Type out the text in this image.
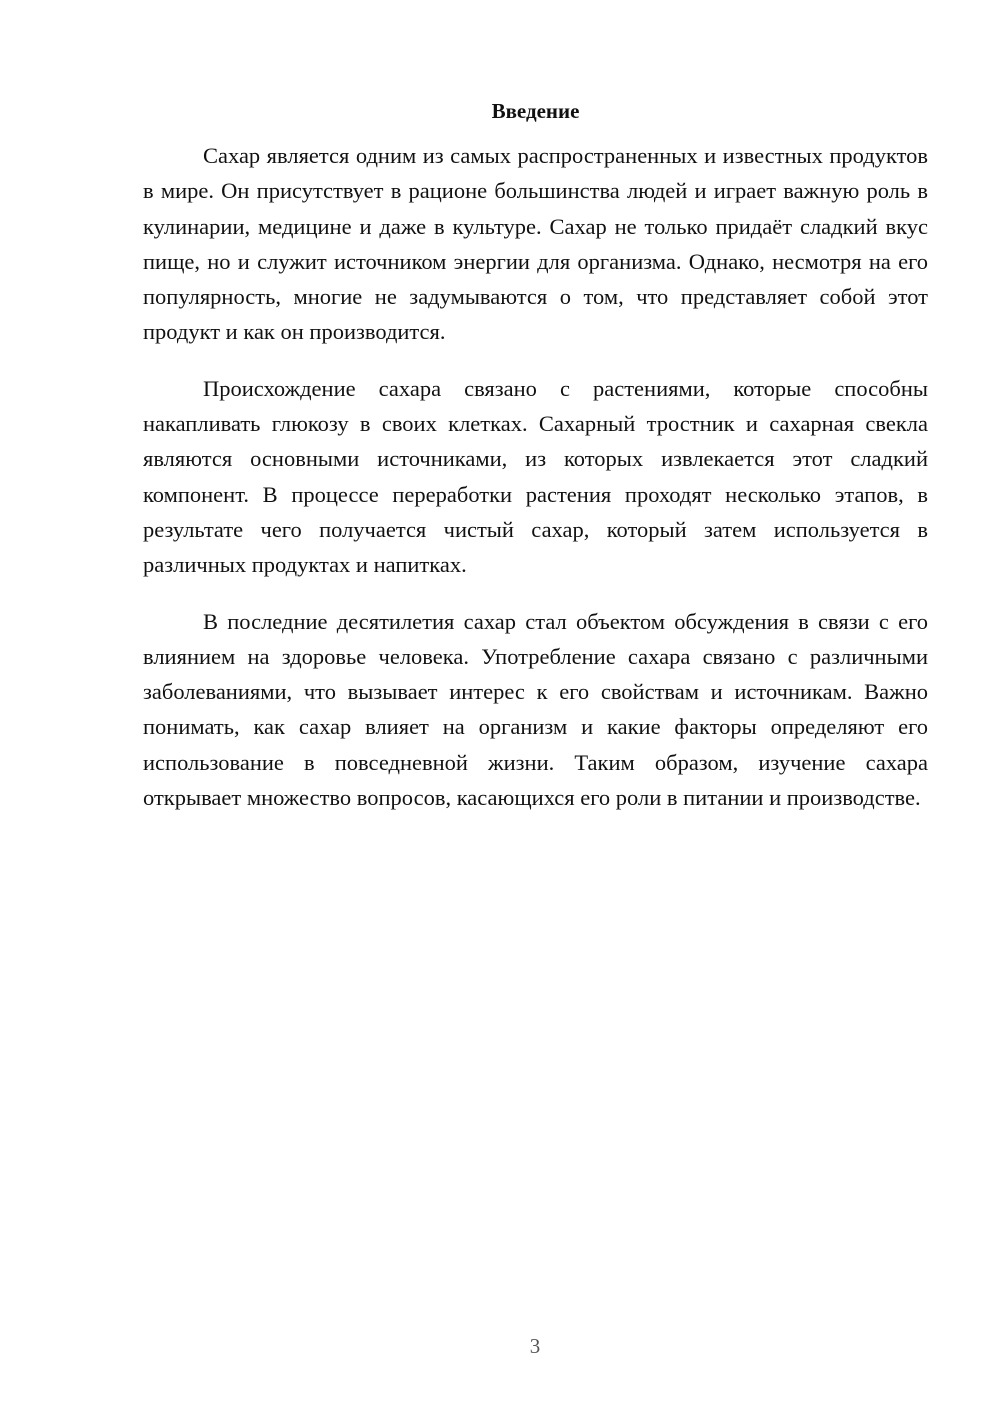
Введение

Сахар является одним из самых распространенных и известных продуктов в мире. Он присутствует в рационе большинства людей и играет важную роль в кулинарии, медицине и даже в культуре. Сахар не только придаёт сладкий вкус пище, но и служит источником энергии для организма. Однако, несмотря на его популярность, многие не задумываются о том, что представляет собой этот продукт и как он производится.

Происхождение сахара связано с растениями, которые способны накапливать глюкозу в своих клетках. Сахарный тростник и сахарная свекла являются основными источниками, из которых извлекается этот сладкий компонент. В процессе переработки растения проходят несколько этапов, в результате чего получается чистый сахар, который затем используется в различных продуктах и напитках.

В последние десятилетия сахар стал объектом обсуждения в связи с его влиянием на здоровье человека. Употребление сахара связано с различными заболеваниями, что вызывает интерес к его свойствам и источникам. Важно понимать, как сахар влияет на организм и какие факторы определяют его использование в повседневной жизни. Таким образом, изучение сахара открывает множество вопросов, касающихся его роли в питании и производстве.

3
